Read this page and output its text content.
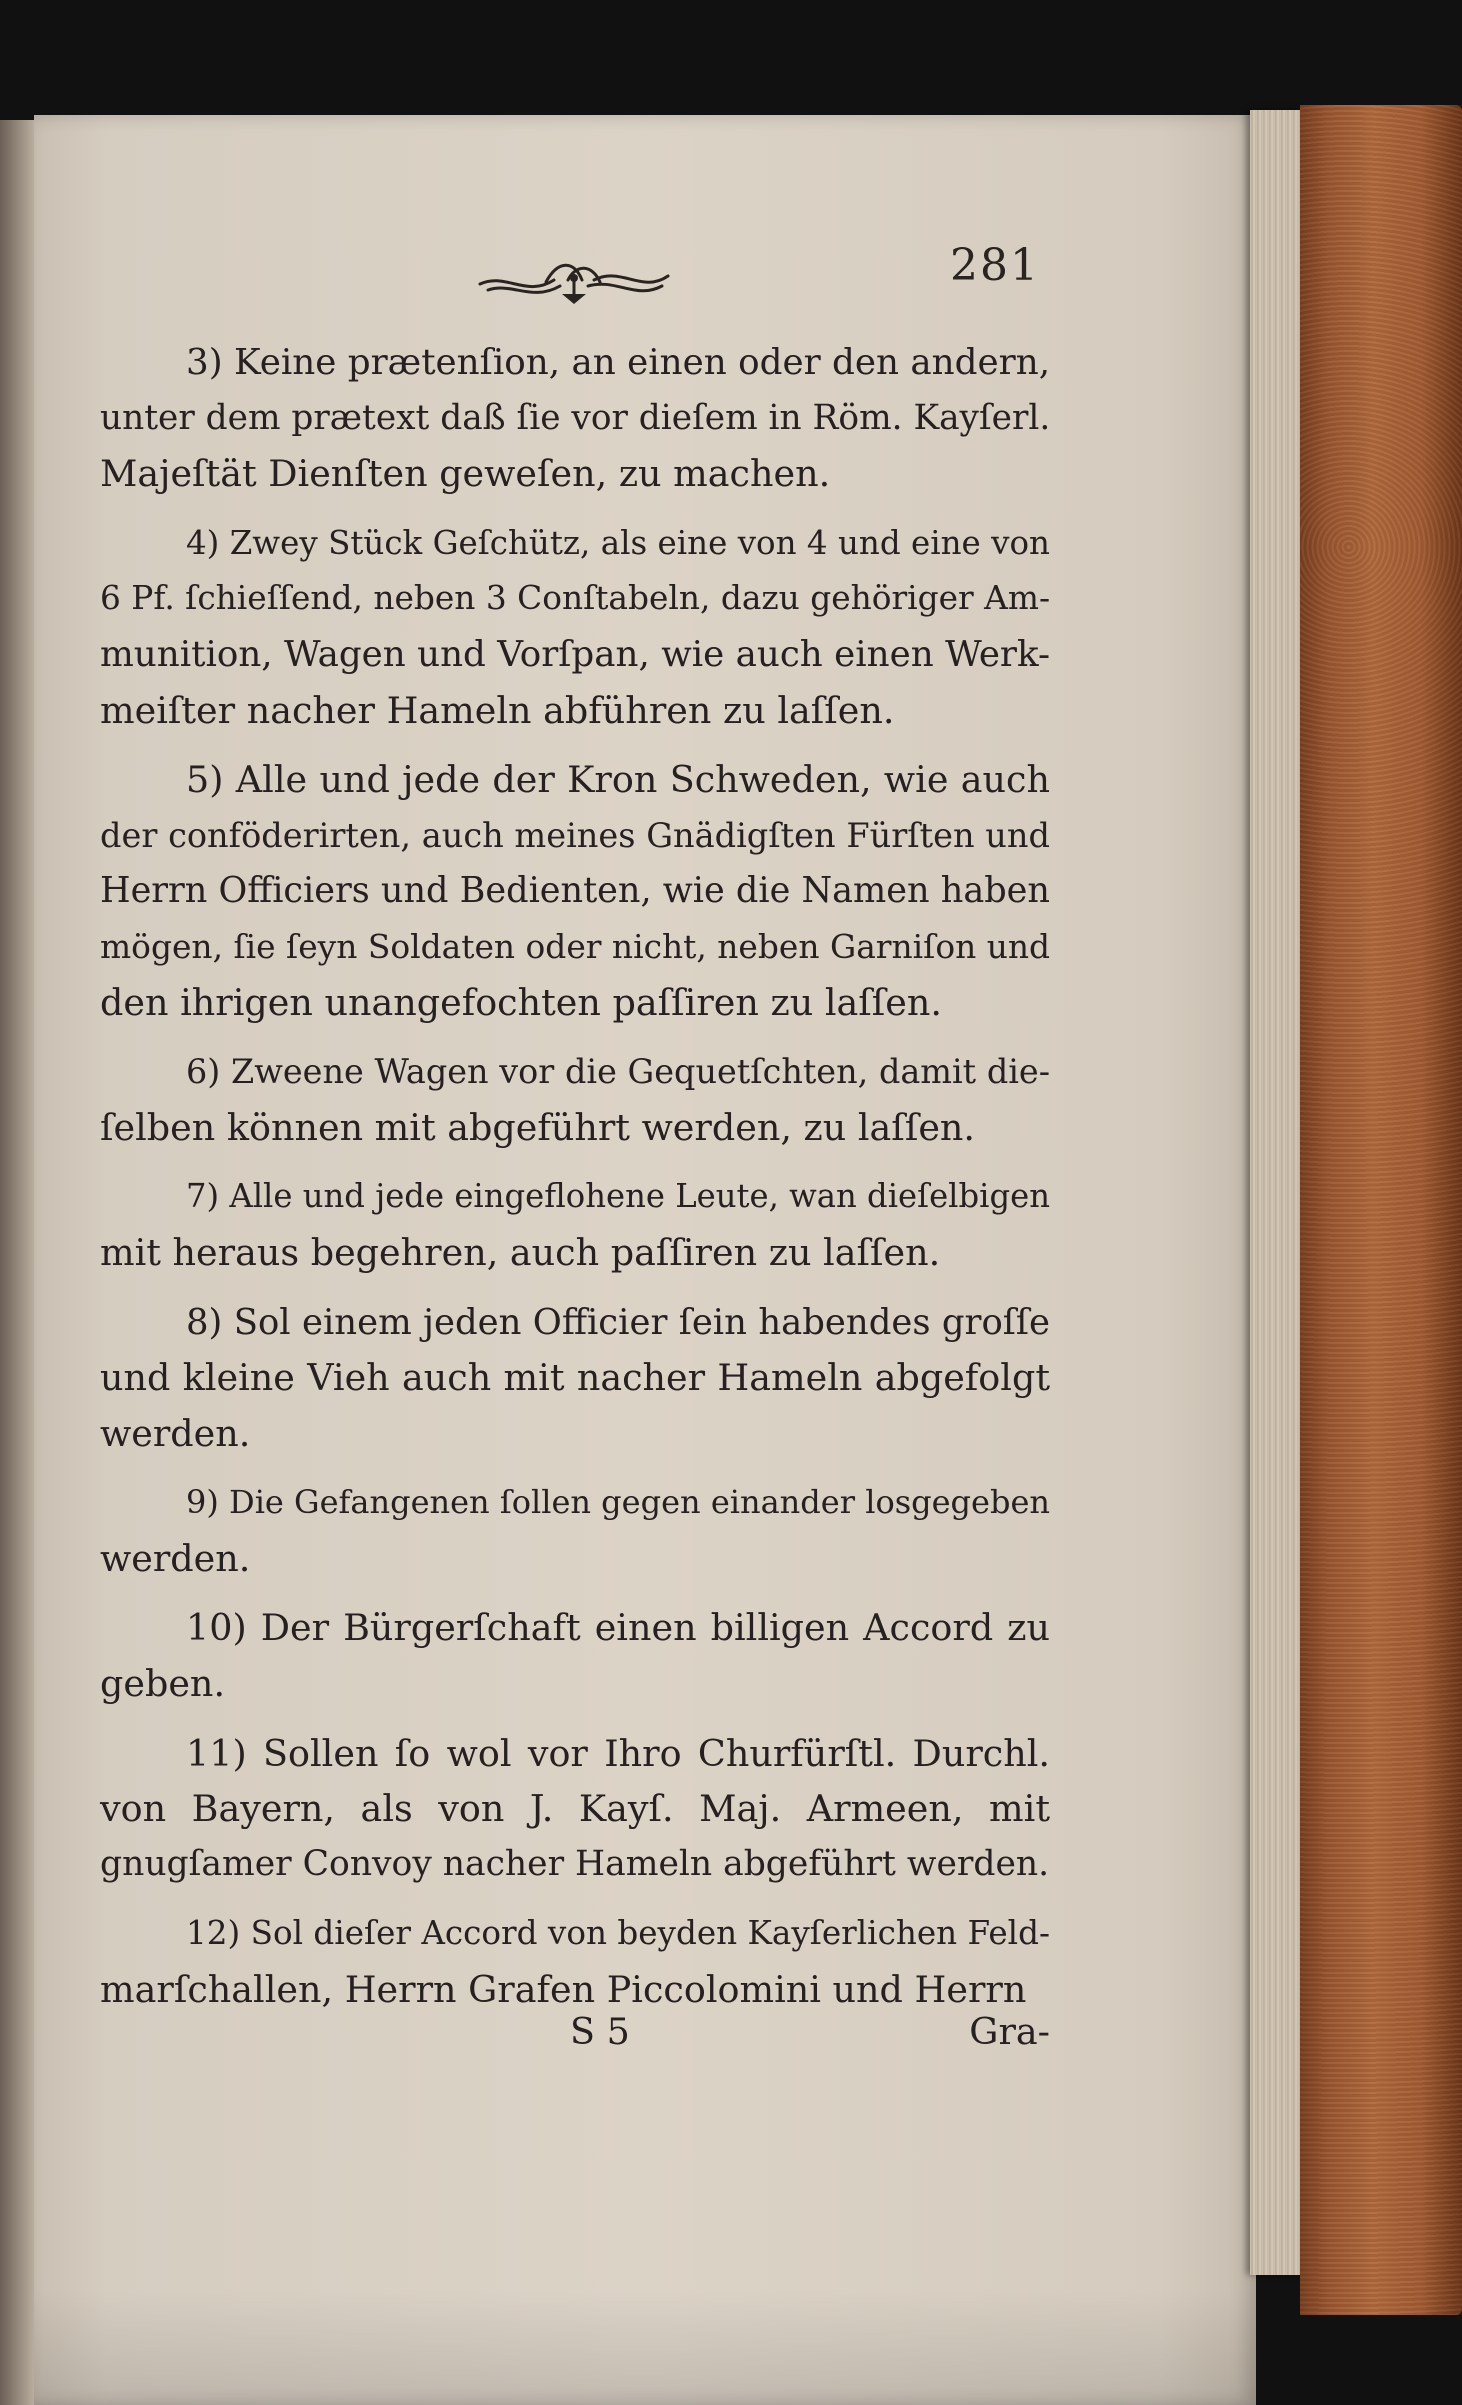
281
3) Keine prætenſion, an einen oder den andern,
unter dem prætext daß ſie vor dieſem in Röm. Kayſerl.
Majeſtät Dienſten geweſen, zu machen.
4) Zwey Stück Geſchütz, als eine von 4 und eine von
6 Pf. ſchieſſend, neben 3 Conſtabeln, dazu gehöriger Am-
munition, Wagen und Vorſpan, wie auch einen Werk-
meiſter nacher Hameln abführen zu laſſen.
5) Alle und jede der Kron Schweden, wie auch
der conföderirten, auch meines Gnädigſten Fürſten und
Herrn Officiers und Bedienten, wie die Namen haben
mögen, ſie ſeyn Soldaten oder nicht, neben Garniſon und
den ihrigen unangefochten paſſiren zu laſſen.
6) Zweene Wagen vor die Gequetſchten, damit die-
ſelben können mit abgeführt werden, zu laſſen.
7) Alle und jede eingeflohene Leute, wan dieſelbigen
mit heraus begehren, auch paſſiren zu laſſen.
8) Sol einem jeden Officier ſein habendes groſſe
und kleine Vieh auch mit nacher Hameln abgefolgt
werden.
9) Die Gefangenen ſollen gegen einander losgegeben
werden.
10) Der Bürgerſchaft einen billigen Accord zu
geben.
11) Sollen ſo wol vor Ihro Churfürſtl. Durchl.
von Bayern, als von J. Kayſ. Maj. Armeen, mit
gnugſamer Convoy nacher Hameln abgeführt werden.
12) Sol dieſer Accord von beyden Kayſerlichen Feld-
marſchallen, Herrn Grafen Piccolomini und Herrn
S 5	Gra-
